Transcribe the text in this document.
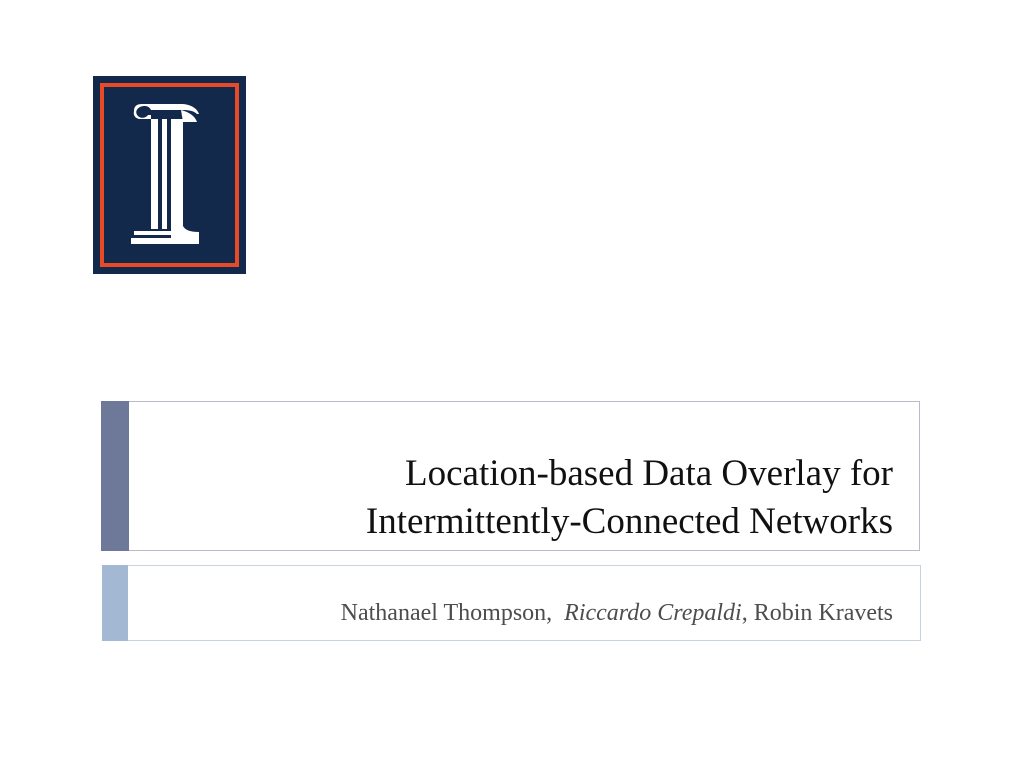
Location-based Data Overlay for
Intermittently-Connected Networks
Nathanael Thompson, Riccardo Crepaldi, Robin Kravets
